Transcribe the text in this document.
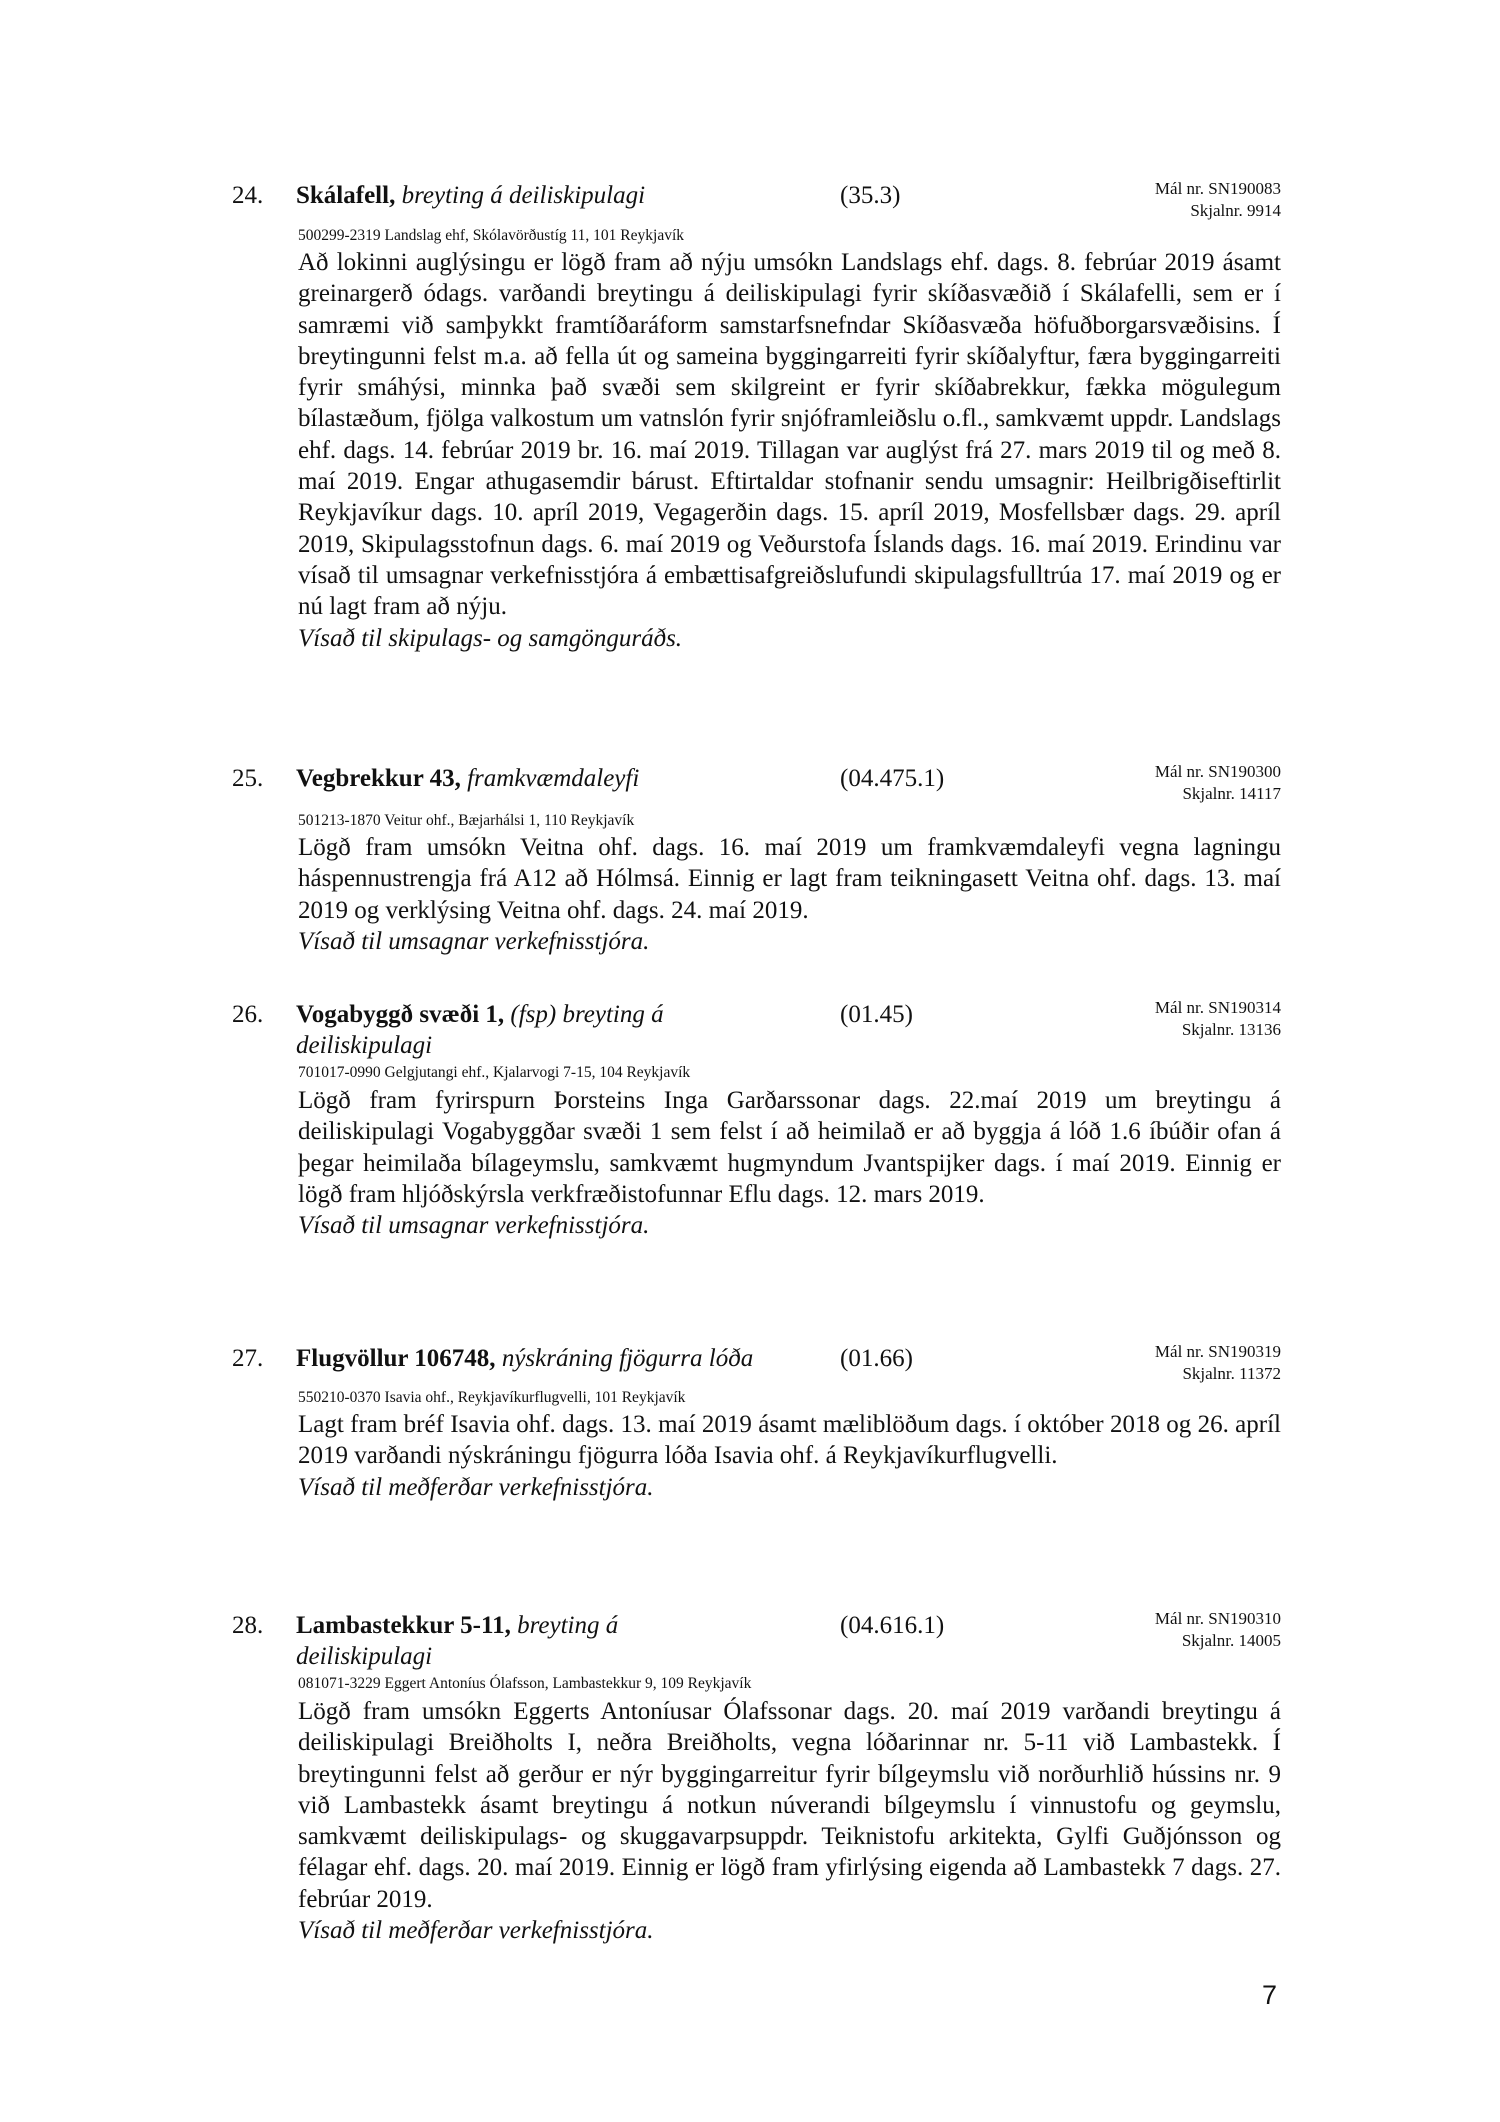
24. Skálafell, breyting á deiliskipulagi	(35.3)	Mál nr. SN190083
Skjalnr. 9914
500299-2319 Landslag ehf, Skólavörðustíg 11, 101 Reykjavík

Að lokinni auglýsingu er lögð fram að nýju umsókn Landslags ehf. dags. 8. febrúar 2019 ásamt greinargerð ódags. varðandi breytingu á deiliskipulagi fyrir skíðasvæðið í Skálafelli, sem er í samræmi við samþykkt framtíðaráform samstarfsnefndar Skíðasvæða höfuðborgarsvæðisins. Í breytingunni felst m.a. að fella út og sameina byggingarreiti fyrir skíðalyftur, færa byggingarreiti fyrir smáhýsi, minnka það svæði sem skilgreint er fyrir skíðabrekkur, fækka mögulegum bílastæðum, fjölga valkostum um vatnslón fyrir snjóframleiðslu o.fl., samkvæmt uppdr. Landslags ehf. dags. 14. febrúar 2019 br. 16. maí 2019. Tillagan var auglýst frá 27. mars 2019 til og með 8. maí 2019. Engar athugasemdir bárust. Eftirtaldar stofnanir sendu umsagnir: Heilbrigðiseftirlit Reykjavíkur dags. 10. apríl 2019, Vegagerðin dags. 15. apríl 2019, Mosfellsbær dags. 29. apríl 2019, Skipulagsstofnun dags. 6. maí 2019 og Veðurstofa Íslands dags. 16. maí 2019. Erindinu var vísað til umsagnar verkefnisstjóra á embættisafgreiðslufundi skipulagsfulltrúa 17. maí 2019 og er nú lagt fram að nýju.

Vísað til skipulags- og samgönguráðs.

25. Vegbrekkur 43, framkvæmdaleyfi	(04.475.1)	Mál nr. SN190300
Skjalnr. 14117
501213-1870 Veitur ohf., Bæjarhálsi 1, 110 Reykjavík

Lögð fram umsókn Veitna ohf. dags. 16. maí 2019 um framkvæmdaleyfi vegna lagningu háspennustrengja frá A12 að Hólmsá. Einnig er lagt fram teikningasett Veitna ohf. dags. 13. maí 2019 og verklýsing Veitna ohf. dags. 24. maí 2019.

Vísað til umsagnar verkefnisstjóra.

26. Vogabyggð svæði 1, (fsp) breyting á deiliskipulagi
(01.45)	Mál nr. SN190314
Skjalnr. 13136
701017-0990 Gelgjutangi ehf., Kjalarvogi 7-15, 104 Reykjavík

Lögð fram fyrirspurn Þorsteins Inga Garðarssonar dags. 22.maí 2019 um breytingu á deiliskipulagi Vogabyggðar svæði 1 sem felst í að heimilað er að byggja á lóð 1.6 íbúðir ofan á þegar heimilaða bílageymslu, samkvæmt hugmyndum Jvantspijker dags. í maí 2019. Einnig er lögð fram hljóðskýrsla verkfræðistofunnar Eflu dags. 12. mars 2019.

Vísað til umsagnar verkefnisstjóra.

27. Flugvöllur 106748, nýskráning fjögurra lóða	(01.66)	Mál nr. SN190319
Skjalnr. 11372
550210-0370 Isavia ohf., Reykjavíkurflugvelli, 101 Reykjavík

Lagt fram bréf Isavia ohf. dags. 13. maí 2019 ásamt mæliblöðum dags. í október 2018 og 26. apríl 2019 varðandi nýskráningu fjögurra lóða Isavia ohf. á Reykjavíkurflugvelli.

Vísað til meðferðar verkefnisstjóra.

28. Lambastekkur 5-11, breyting á deiliskipulagi
(04.616.1)	Mál nr. SN190310
Skjalnr. 14005
081071-3229 Eggert Antoníus Ólafsson, Lambastekkur 9, 109 Reykjavík

Lögð fram umsókn Eggerts Antoníusar Ólafssonar dags. 20. maí 2019 varðandi breytingu á deiliskipulagi Breiðholts I, neðra Breiðholts, vegna lóðarinnar nr. 5-11 við Lambastekk. Í breytingunni felst að gerður er nýr byggingarreitur fyrir bílgeymslu við norðurhlið hússins nr. 9 við Lambastekk ásamt breytingu á notkun núverandi bílgeymslu í vinnustofu og geymslu, samkvæmt deiliskipulags- og skuggavarpsuppdr. Teiknistofu arkitekta, Gylfi Guðjónsson og félagar ehf. dags. 20. maí 2019. Einnig er lögð fram yfirlýsing eigenda að Lambastekk 7 dags. 27. febrúar 2019.

Vísað til meðferðar verkefnisstjóra.

7
